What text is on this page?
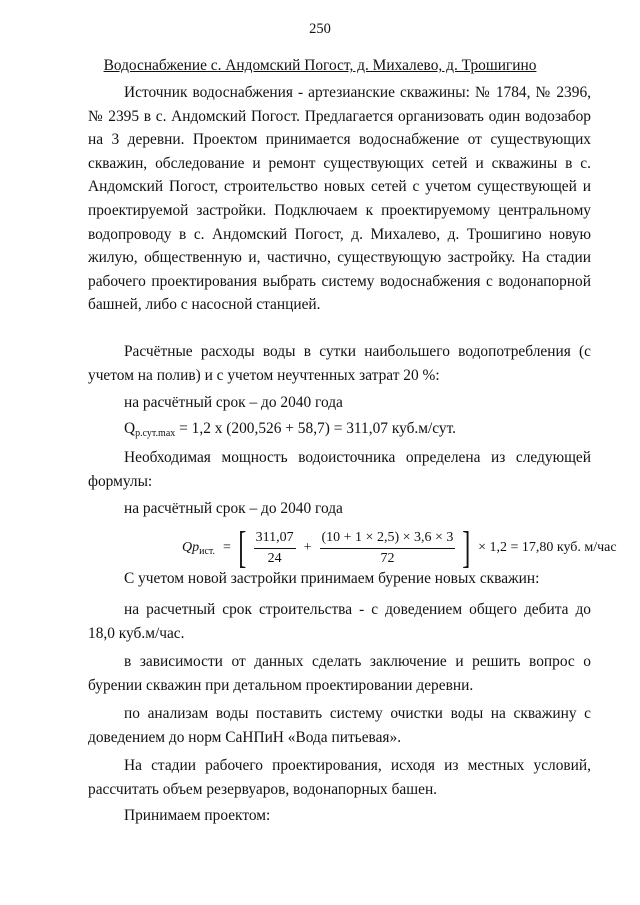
250
Водоснабжение с. Андомский Погост, д. Михалево, д. Трошигино

Источник водоснабжения - артезианские скважины: № 1784, № 2396, № 2395 в с. Андомский Погост. Предлагается организовать один водозабор на 3 деревни. Проектом принимается водоснабжение от существующих скважин, обследование и ремонт существующих сетей и скважины в с. Андомский Погост, строительство новых сетей с учетом существующей и проектируемой застройки. Подключаем к проектируемому центральному водопроводу в с. Андомский Погост, д. Михалево, д. Трошигино новую жилую, общественную и, частично, существующую застройку. На стадии рабочего проектирования выбрать систему водоснабжения с водонапорной башней, либо с насосной станцией.

Расчётные расходы воды в сутки наибольшего водопотребления (с учетом на полив) и с учетом неучтенных затрат 20 %:

на расчётный срок – до 2040 года
$Q_{р.сут.max} = 1,2$ х (200,526 + 58,7) = 311,07 куб.м/сут.

Необходимая мощность водоисточника определена из следующей формулы:

на расчётный срок – до 2040 года
$Qp_{ист.}$ = [ $\frac{311,07}{24} + \frac{(10 + 1 \times 2,5) \times 3,6 \times 3}{72}$ ] × 1,2 = 17,80 куб. м/час
С учетом новой застройки принимаем бурение новых скважин:

на расчетный срок строительства - с доведением общего дебита до 18,0 куб.м/час.

в зависимости от данных сделать заключение и решить вопрос о бурении скважин при детальном проектировании деревни.

по анализам воды поставить систему очистки воды на скважину с доведением до норм СаНПиН «Вода питьевая».

На стадии рабочего проектирования, исходя из местных условий, рассчитать объем резервуаров, водонапорных башен.

Принимаем проектом:
